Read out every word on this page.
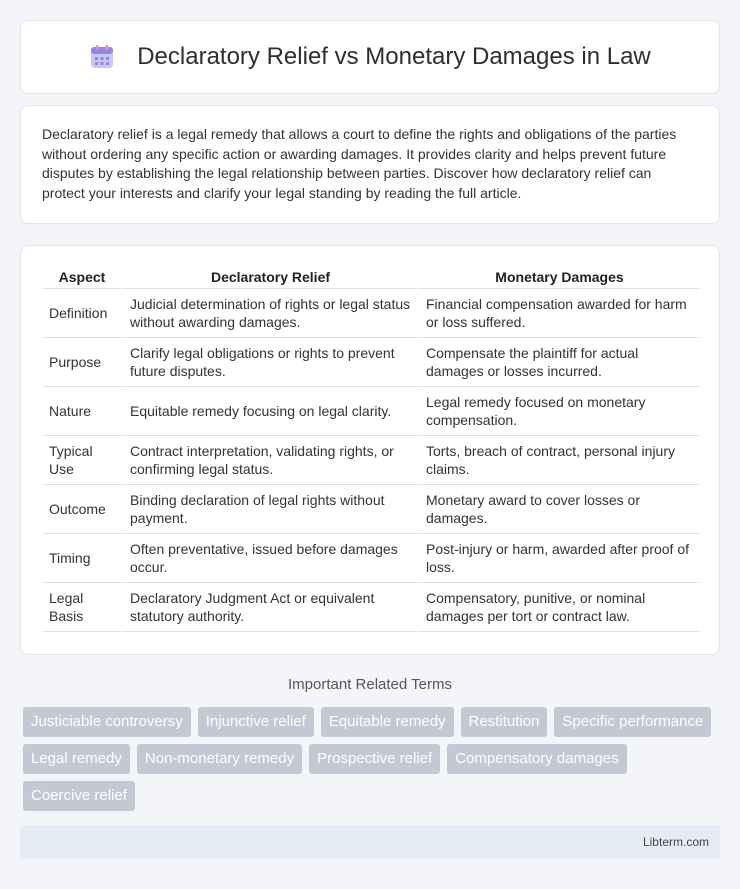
Declaratory Relief vs Monetary Damages in Law

Declaratory relief is a legal remedy that allows a court to define the rights and obligations of the parties without ordering any specific action or awarding damages. It provides clarity and helps prevent future disputes by establishing the legal relationship between parties. Discover how declaratory relief can protect your interests and clarify your legal standing by reading the full article.

Aspect	Declaratory Relief	Monetary Damages
Definition	Judicial determination of rights or legal status without awarding damages.	Financial compensation awarded for harm or loss suffered.
Purpose	Clarify legal obligations or rights to prevent future disputes.	Compensate the plaintiff for actual damages or losses incurred.
Nature	Equitable remedy focusing on legal clarity.	Legal remedy focused on monetary compensation.
Typical Use	Contract interpretation, validating rights, or confirming legal status.	Torts, breach of contract, personal injury claims.
Outcome	Binding declaration of legal rights without payment.	Monetary award to cover losses or damages.
Timing	Often preventative, issued before damages occur.	Post-injury or harm, awarded after proof of loss.
Legal Basis	Declaratory Judgment Act or equivalent statutory authority.	Compensatory, punitive, or nominal damages per tort or contract law.
Important Related Terms
Justiciable controversy	Injunctive relief	Equitable remedy	Restitution	Specific performance
Legal remedy	Non-monetary remedy	Prospective relief	Compensatory damages
Coercive relief
Libterm.com
